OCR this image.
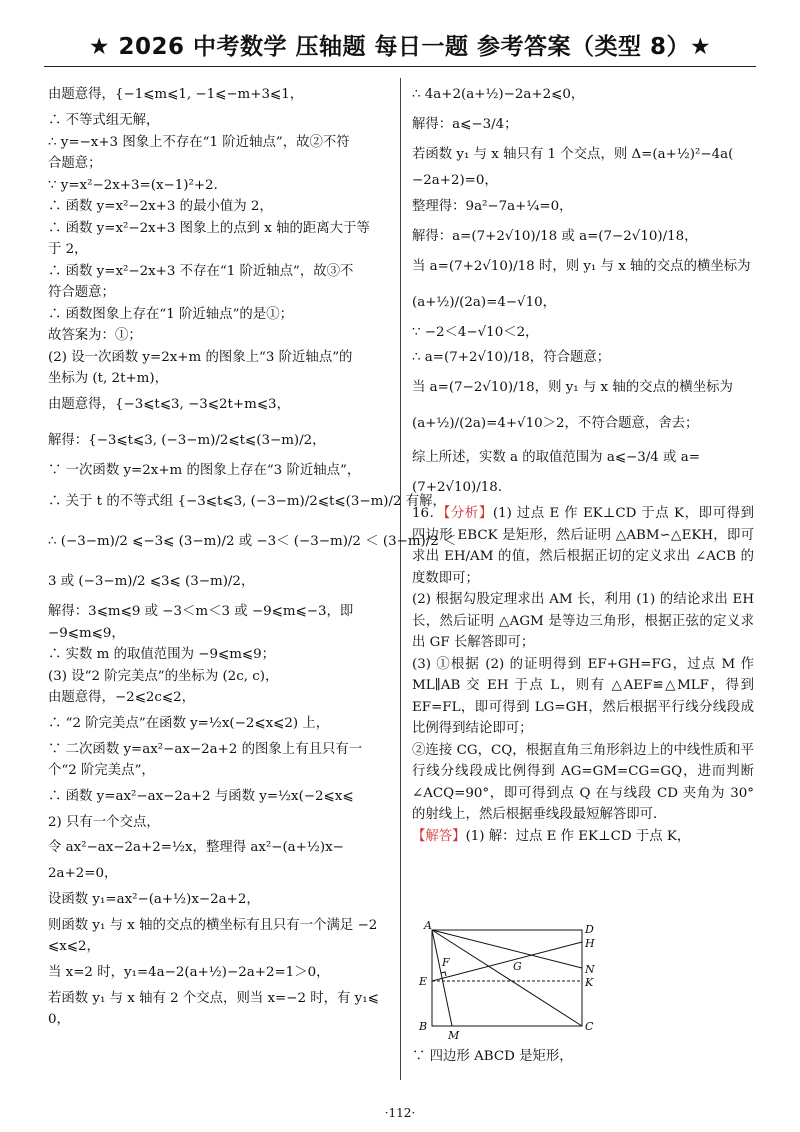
★ 2026 中考数学 压轴题 每日一题 参考答案（类型 8）★
由题意得，{−1⩽m⩽1, −1⩽−m+3⩽1，
∴ 不等式组无解，
∴ y=−x+3 图象上不存在“1 阶近轴点”，故②不符
合题意；
∵ y=x²−2x+3=(x−1)²+2．
∴ 函数 y=x²−2x+3 的最小值为 2，
∴ 函数 y=x²−2x+3 图象上的点到 x 轴的距离大于等
于 2，
∴ 函数 y=x²−2x+3 不存在“1 阶近轴点”，故③不
符合题意；
∴ 函数图象上存在“1 阶近轴点”的是①；
故答案为：①；
(2) 设一次函数 y=2x+m 的图象上“3 阶近轴点”的
坐标为 (t, 2t+m)，
由题意得，{−3⩽t⩽3, −3⩽2t+m⩽3，
解得：{−3⩽t⩽3, (−3−m)/2⩽t⩽(3−m)/2，
∵ 一次函数 y=2x+m 的图象上存在“3 阶近轴点”，
∴ 关于 t 的不等式组 {−3⩽t⩽3, (−3−m)/2⩽t⩽(3−m)/2 有解，
∴ (−3−m)/2 ⩽−3⩽ (3−m)/2 或 −3＜ (−3−m)/2 ＜ (3−m)/2 ＜
3 或 (−3−m)/2 ⩽3⩽ (3−m)/2，
解得：3⩽m⩽9 或 −3＜m＜3 或 −9⩽m⩽−3，即
−9⩽m⩽9，
∴ 实数 m 的取值范围为 −9⩽m⩽9；
(3) 设“2 阶完美点”的坐标为 (2c, c)，
由题意得，−2⩽2c⩽2，
∴ “2 阶完美点”在函数 y=½x(−2⩽x⩽2) 上，
∵ 二次函数 y=ax²−ax−2a+2 的图象上有且只有一
个“2 阶完美点”，
∴ 函数 y=ax²−ax−2a+2 与函数 y=½x(−2⩽x⩽
2) 只有一个交点，
令 ax²−ax−2a+2=½x，整理得 ax²−(a+½)x−
2a+2=0，
设函数 y₁=ax²−(a+½)x−2a+2，
则函数 y₁ 与 x 轴的交点的横坐标有且只有一个满足 −2
⩽x⩽2，
当 x=2 时，y₁=4a−2(a+½)−2a+2=1＞0，
若函数 y₁ 与 x 轴有 2 个交点，则当 x=−2 时，有 y₁⩽
0，
∴ 4a+2(a+½)−2a+2⩽0，
解得：a⩽−3/4；
若函数 y₁ 与 x 轴只有 1 个交点，则 Δ=(a+½)²−4a(
−2a+2)=0，
整理得：9a²−7a+¼=0，
解得：a=(7+2√10)/18 或 a=(7−2√10)/18，
当 a=(7+2√10)/18 时，则 y₁ 与 x 轴的交点的横坐标为
(a+½)/(2a)=4−√10，
∵ −2＜4−√10＜2，
∴ a=(7+2√10)/18，符合题意；
当 a=(7−2√10)/18，则 y₁ 与 x 轴的交点的横坐标为
(a+½)/(2a)=4+√10＞2，不符合题意，舍去；
综上所述，实数 a 的取值范围为 a⩽−3/4 或 a=
(7+2√10)/18．

16．【分析】(1) 过点 E 作 EK⊥CD 于点 K，即可得到四边形 EBCK 是矩形，然后证明 △ABM∽△EKH，即可求出 EH/AM 的值，然后根据正切的定义求出 ∠ACB 的度数即可；

(2) 根据勾股定理求出 AM 长，利用 (1) 的结论求出 EH 长，然后证明 △AGM 是等边三角形，根据正弦的定义求出 GF 长解答即可；

(3) ①根据 (2) 的证明得到 EF+GH=FG，过点 M 作 ML∥AB 交 EH 于点 L，则有 △AEF≌△MLF，得到 EF=FL，即可得到 LG=GH，然后根据平行线分线段成比例得到结论即可；

②连接 CG，CQ，根据直角三角形斜边上的中线性质和平行线分线段成比例得到 AG=GM=CG=GQ，进而判断 ∠ACQ=90°，即可得到点 Q 在与线段 CD 夹角为 30° 的射线上，然后根据垂线段最短解答即可．

【解答】(1) 解：过点 E 作 EK⊥CD 于点 K，

A	D
H
F	G	N
E	K
B
M
C
∵ 四边形 ABCD 是矩形，
·112·
